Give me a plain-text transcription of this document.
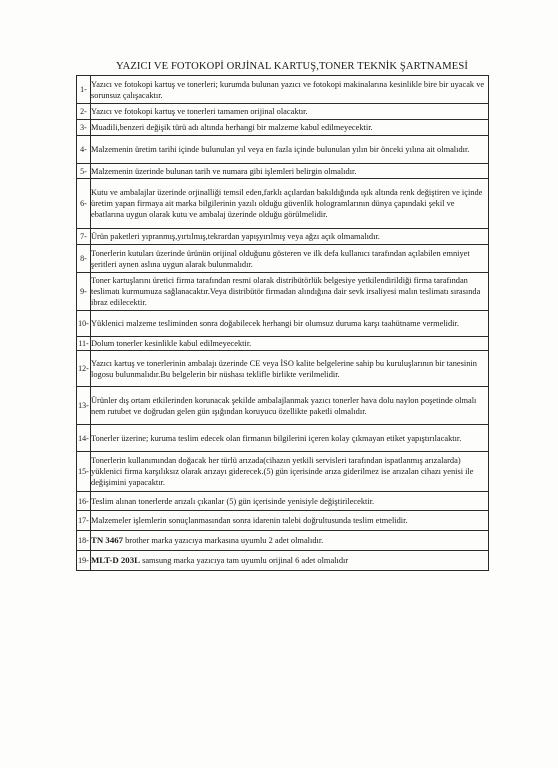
YAZICI VE FOTOKOPİ ORJİNAL KARTUŞ,TONER TEKNİK ŞARTNAMESİ
1-	Yazıcı ve fotokopi kartuş ve tonerleri; kurumda bulunan yazıcı ve fotokopi makinalarına kesinlikle bire bir uyacak ve sorunsuz çalışacaktır.
2-	Yazıcı ve fotokopi kartuş ve tonerleri tamamen orijinal olacaktır.
3-	Muadili,benzeri değişik türü adı altında herhangi bir malzeme kabul edilmeyecektir.
4-	Malzemenin üretim tarihi içinde bulunulan yıl veya en fazla içinde bulunulan yılın bir önceki yılına ait olmalıdır.
5-	Malzemenin üzerinde bulunan tarih ve numara gibi işlemleri belirgin olmalıdır.
6-	Kutu ve ambalajlar üzerinde orjinalliği temsil eden,farklı açılardan bakıldığında ışık altında renk değiştiren ve içinde üretim yapan firmaya ait marka bilgilerinin yazılı olduğu güvenlik hologramlarının dünya çapındaki şekil ve ebatlarına uygun olarak kutu ve ambalaj üzerinde olduğu görülmelidir.
7-	Ürün paketleri yıpranmış,yırtılmış,tekrardan yapışyırılmış veya ağzı açık olmamalıdır.
8-	Tonerlerin kutuları üzerinde ürünün orijinal olduğunu gösteren ve ilk defa kullanıcı tarafından açılabilen emniyet şeritleri aynen aslına uygun alarak bulunmalıdır.
9-	Toner kartuşlarını üretici firma tarafından resmi olarak distribütörlük belgesiye yetkilendirildiği firma tarafından teslimatı kurmumuza sağlanacaktır.Veya distribütör firmadan alındığına dair sevk irsaliyesi malın teslimatı sırasında ibraz edilecektir.
10-	Yüklenici malzeme tesliminden sonra doğabilecek herhangi bir olumsuz duruma karşı taahütname vermelidir.
11-	Dolum tonerler kesinlikle kabul edilmeyecektir.
12-	Yazıcı kartuş ve tonerlerinin ambalajı üzerinde CE veya İSO kalite belgelerine sahip bu kuruluşlarının bir tanesinin logosu bulunmalıdır.Bu belgelerin bir nüshası teklifle birlikte verilmelidir.
13-	Ürünler dış ortam etkilerinden korunacak şekilde ambalajlanmak yazıcı tonerler hava dolu naylon poşetinde olmalı nem rutubet ve doğrudan gelen gün ışığından koruyucu özellikte paketli olmalıdır.
14-	Tonerler üzerine; kuruma teslim edecek olan firmanın bilgilerini içeren kolay çıkmayan etiket yapıştırılacaktır.
15-	Tonerlerin kullanımından doğacak her türlü arızada(cihazın yetkili servisleri tarafından ispatlanmış arızalarda) yüklenici firma karşılıksız olarak arızayı giderecek.(5) gün içerisinde arıza giderilmez ise arızalan cihazı yenisi ile değişimini yapacaktır.
16-	Teslim alınan tonerlerde arızalı çıkanlar (5) gün içerisinde yenisiyle değiştirilecektir.
17-	Malzemeler işlemlerin sonuçlanmasından sonra idarenin talebi doğrultusunda teslim etmelidir.
18-	TN 3467 brother marka yazıcıya markasına uyumlu 2 adet olmalıdır.
19-	MLT-D 203L samsung marka yazıcıya tam uyumlu orijinal 6 adet olmalıdır
